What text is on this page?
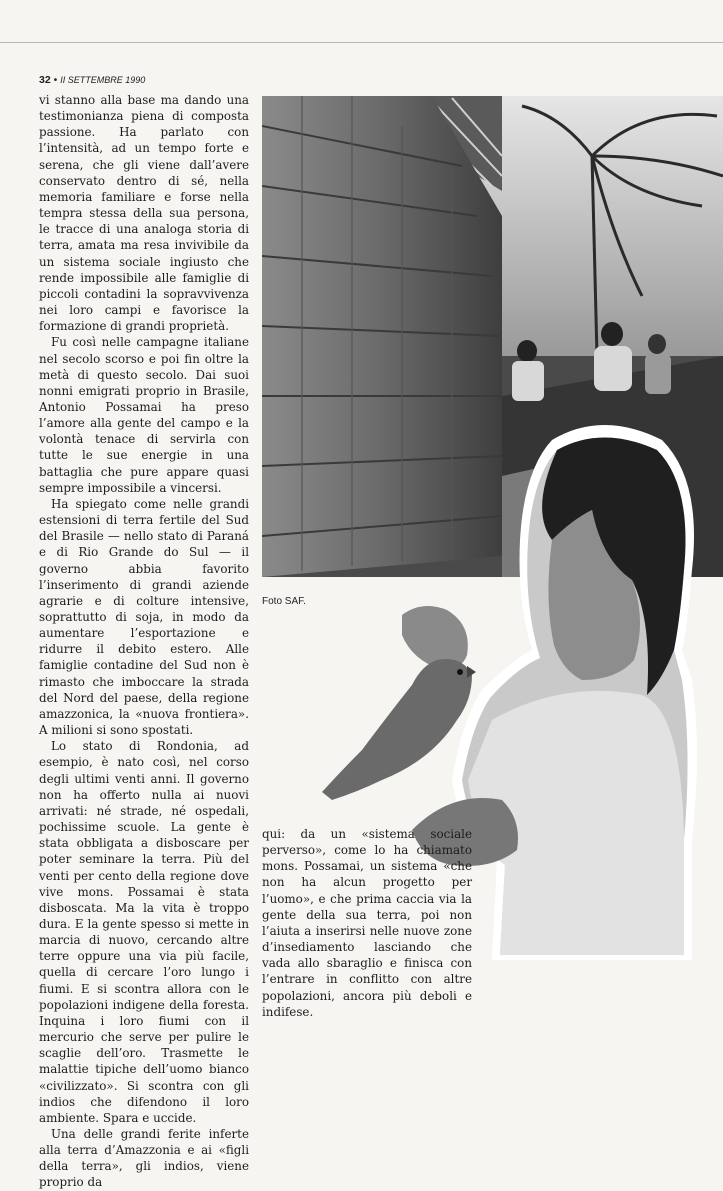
32 • II SETTEMBRE 1990

vi stanno alla base ma dando una testimonianza piena di composta passione. Ha parlato con l’intensità, ad un tempo forte e serena, che gli viene dall’avere conservato dentro di sé, nella memoria familiare e forse nella tempra stessa della sua persona, le tracce di una analoga storia di terra, amata ma resa invivibile da un sistema sociale ingiusto che rende impossibile alle famiglie di piccoli contadini la sopravvivenza nei loro campi e favorisce la formazione di grandi proprietà.

Fu così nelle campagne italiane nel secolo scorso e poi fin oltre la metà di questo secolo. Dai suoi nonni emigrati proprio in Brasile, Antonio Possamai ha preso l’amore alla gente del campo e la volontà tenace di servirla con tutte le sue energie in una battaglia che pure appare quasi sempre impossibile a vincersi.

Ha spiegato come nelle grandi estensioni di terra fertile del Sud del Brasile — nello stato di Paraná e di Rio Grande do Sul — il governo abbia favorito l’inserimento di grandi aziende agrarie e di colture intensive, soprattutto di soja, in modo da aumentare l’esportazione e ridurre il debito estero. Alle famiglie contadine del Sud non è rimasto che imboccare la strada del Nord del paese, della regione amazzonica, la «nuova frontiera». A milioni si sono spostati.

Lo stato di Rondonia, ad esempio, è nato così, nel corso degli ultimi venti anni. Il governo non ha offerto nulla ai nuovi arrivati: né strade, né ospedali, pochissime scuole. La gente è stata obbligata a disboscare per poter seminare la terra. Più del venti per cento della regione dove vive mons. Possamai è stata disboscata. Ma la vita è troppo dura. E la gente spesso si mette in marcia di nuovo, cercando altre terre oppure una via più facile, quella di cercare l’oro lungo i fiumi. E si scontra allora con le popolazioni indigene della foresta. Inquina i loro fiumi con il mercurio che serve per pulire le scaglie dell’oro. Trasmette le malattie tipiche dell’uomo bianco «civilizzato». Si scontra con gli indios che difendono il loro ambiente. Spara e uccide.

Una delle grandi ferite inferte alla terra d’Amazzonia e ai «figli della terra», gli indios, viene proprio da

Foto SAF.

qui: da un «sistema sociale perverso», come lo ha chiamato mons. Possamai, un sistema «che non ha alcun progetto per l’uomo», e che prima caccia via la gente della sua terra, poi non l’aiuta a inserirsi nelle nuove zone d’insediamento lasciando che vada allo sbaraglio e finisca con l’entrare in conflitto con altre popolazioni, ancora più deboli e indifese.
